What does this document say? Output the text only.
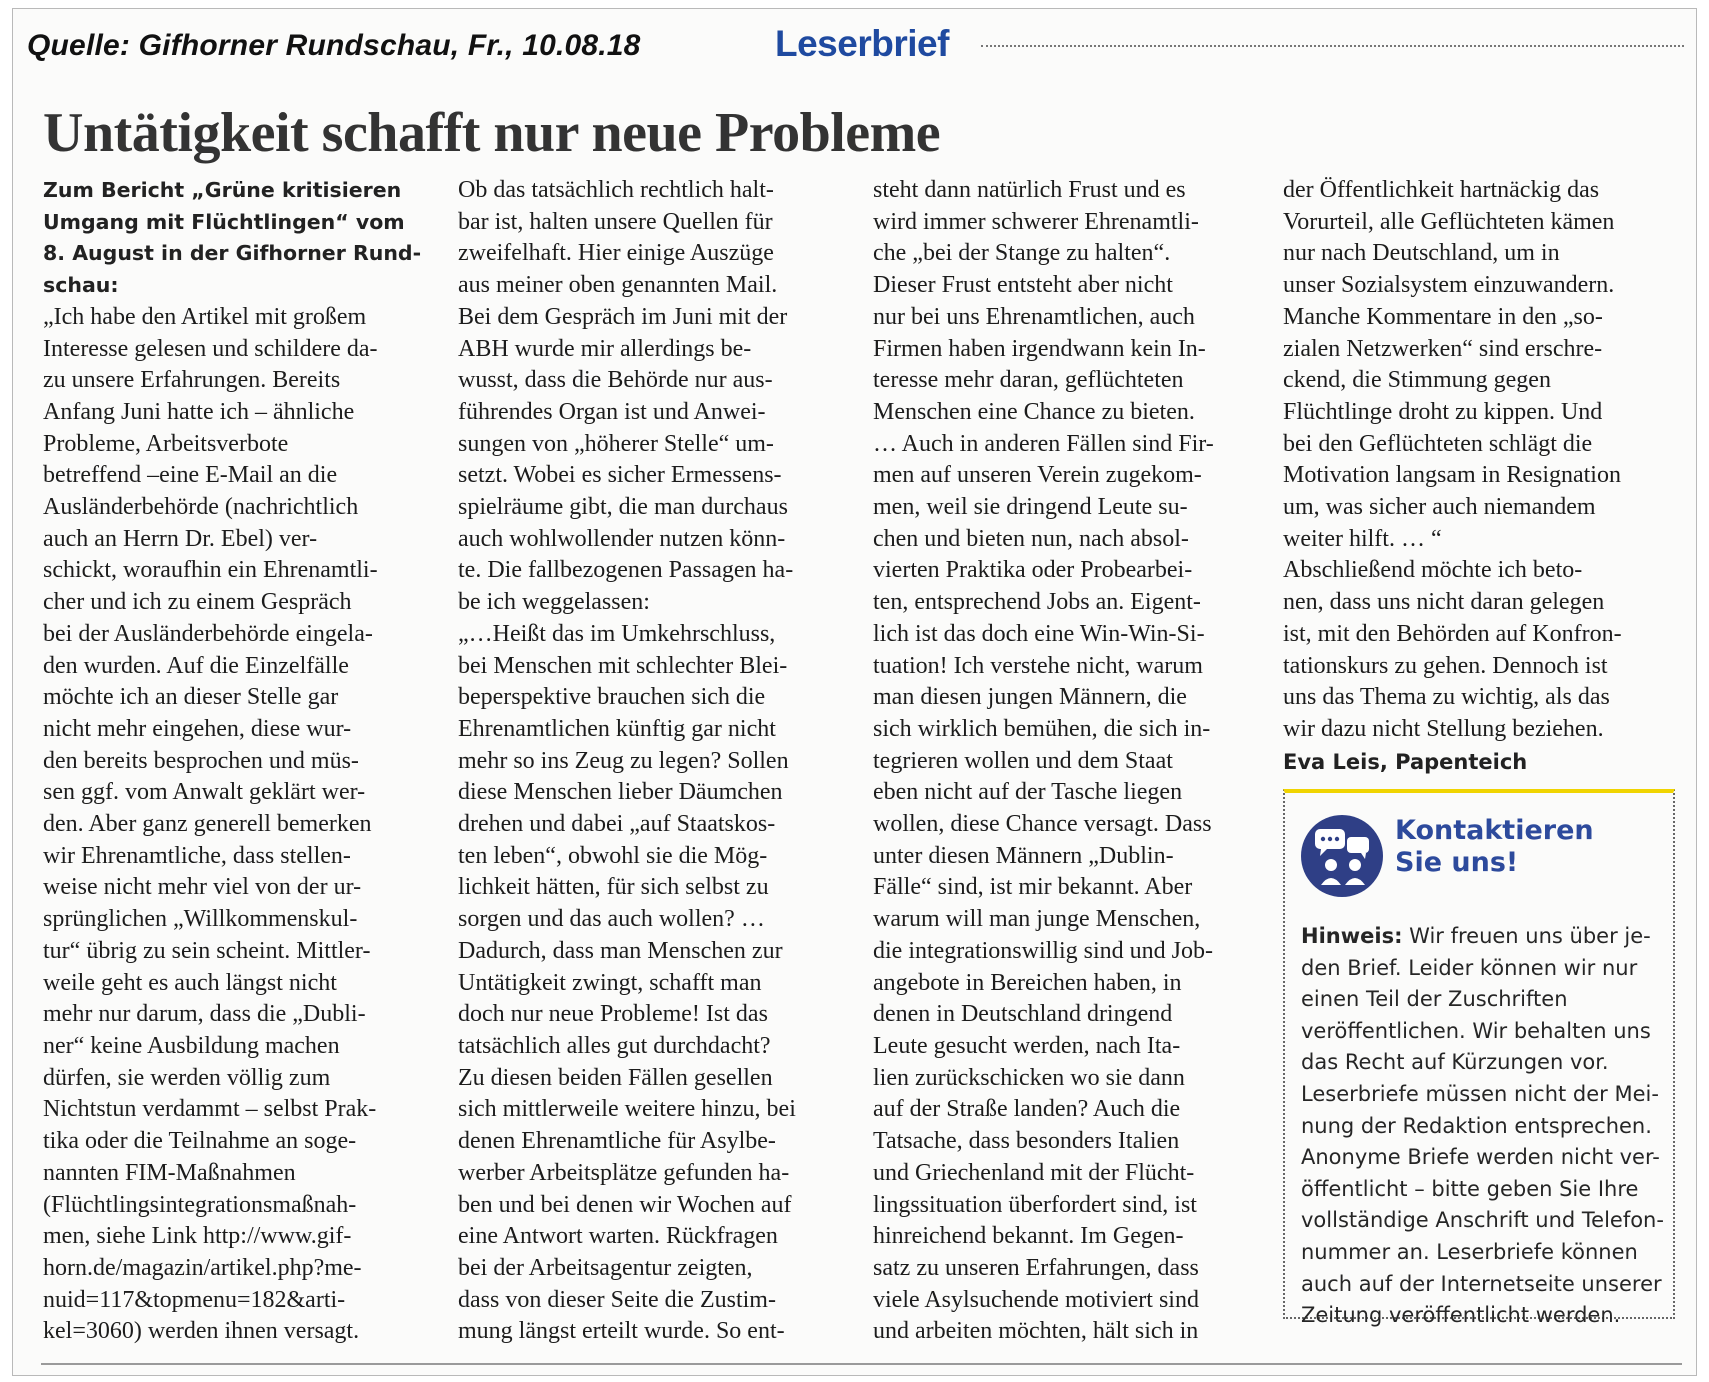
Quelle: Gifhorner Rundschau, Fr., 10.08.18	Leserbrief
Untätigkeit schafft nur neue Probleme

Zum Bericht „Grüne kritisieren
Umgang mit Flüchtlingen“ vom
8. August in der Gifhorner Rund-
schau:

„Ich habe den Artikel mit großem
Interesse gelesen und schildere da-
zu unsere Erfahrungen. Bereits
Anfang Juni hatte ich – ähnliche
Probleme, Arbeitsverbote
betreffend –eine E-Mail an die
Ausländerbehörde (nachrichtlich
auch an Herrn Dr. Ebel) ver-
schickt, woraufhin ein Ehrenamtli-
cher und ich zu einem Gespräch
bei der Ausländerbehörde eingela-
den wurden. Auf die Einzelfälle
möchte ich an dieser Stelle gar
nicht mehr eingehen, diese wur-
den bereits besprochen und müs-
sen ggf. vom Anwalt geklärt wer-
den. Aber ganz generell bemerken
wir Ehrenamtliche, dass stellen-
weise nicht mehr viel von der ur-
sprünglichen „Willkommenskul-
tur“ übrig zu sein scheint. Mittler-
weile geht es auch längst nicht
mehr nur darum, dass die „Dubli-
ner“ keine Ausbildung machen
dürfen, sie werden völlig zum
Nichtstun verdammt – selbst Prak-
tika oder die Teilnahme an soge-
nannten FIM-Maßnahmen
(Flüchtlingsintegrationsmaßnah-
men, siehe Link http://www.gif-
horn.de/magazin/artikel.php?me-
nuid=117&topmenu=182&arti-
kel=3060) werden ihnen versagt.

Ob das tatsächlich rechtlich halt-
bar ist, halten unsere Quellen für
zweifelhaft. Hier einige Auszüge
aus meiner oben genannten Mail.
Bei dem Gespräch im Juni mit der
ABH wurde mir allerdings be-
wusst, dass die Behörde nur aus-
führendes Organ ist und Anwei-
sungen von „höherer Stelle“ um-
setzt. Wobei es sicher Ermessens-
spielräume gibt, die man durchaus
auch wohlwollender nutzen könn-
te. Die fallbezogenen Passagen ha-
be ich weggelassen:
„…Heißt das im Umkehrschluss,
bei Menschen mit schlechter Blei-
beperspektive brauchen sich die
Ehrenamtlichen künftig gar nicht
mehr so ins Zeug zu legen? Sollen
diese Menschen lieber Däumchen
drehen und dabei „auf Staatskos-
ten leben“, obwohl sie die Mög-
lichkeit hätten, für sich selbst zu
sorgen und das auch wollen? …
Dadurch, dass man Menschen zur
Untätigkeit zwingt, schafft man
doch nur neue Probleme! Ist das
tatsächlich alles gut durchdacht?
Zu diesen beiden Fällen gesellen
sich mittlerweile weitere hinzu, bei
denen Ehrenamtliche für Asylbe-
werber Arbeitsplätze gefunden ha-
ben und bei denen wir Wochen auf
eine Antwort warten. Rückfragen
bei der Arbeitsagentur zeigten,
dass von dieser Seite die Zustim-
mung längst erteilt wurde. So ent-

steht dann natürlich Frust und es
wird immer schwerer Ehrenamtli-
che „bei der Stange zu halten“.
Dieser Frust entsteht aber nicht
nur bei uns Ehrenamtlichen, auch
Firmen haben irgendwann kein In-
teresse mehr daran, geflüchteten
Menschen eine Chance zu bieten.
… Auch in anderen Fällen sind Fir-
men auf unseren Verein zugekom-
men, weil sie dringend Leute su-
chen und bieten nun, nach absol-
vierten Praktika oder Probearbei-
ten, entsprechend Jobs an. Eigent-
lich ist das doch eine Win-Win-Si-
tuation! Ich verstehe nicht, warum
man diesen jungen Männern, die
sich wirklich bemühen, die sich in-
tegrieren wollen und dem Staat
eben nicht auf der Tasche liegen
wollen, diese Chance versagt. Dass
unter diesen Männern „Dublin-
Fälle“ sind, ist mir bekannt. Aber
warum will man junge Menschen,
die integrationswillig sind und Job-
angebote in Bereichen haben, in
denen in Deutschland dringend
Leute gesucht werden, nach Ita-
lien zurückschicken wo sie dann
auf der Straße landen? Auch die
Tatsache, dass besonders Italien
und Griechenland mit der Flücht-
lingssituation überfordert sind, ist
hinreichend bekannt. Im Gegen-
satz zu unseren Erfahrungen, dass
viele Asylsuchende motiviert sind
und arbeiten möchten, hält sich in

der Öffentlichkeit hartnäckig das
Vorurteil, alle Geflüchteten kämen
nur nach Deutschland, um in
unser Sozialsystem einzuwandern.
Manche Kommentare in den „so-
zialen Netzwerken“ sind erschre-
ckend, die Stimmung gegen
Flüchtlinge droht zu kippen. Und
bei den Geflüchteten schlägt die
Motivation langsam in Resignation
um, was sicher auch niemandem
weiter hilft. … “
Abschließend möchte ich beto-
nen, dass uns nicht daran gelegen
ist, mit den Behörden auf Konfron-
tationskurs zu gehen. Dennoch ist
uns das Thema zu wichtig, als das
wir dazu nicht Stellung beziehen.

Eva Leis, Papenteich

Kontaktieren
Sie uns!

Hinweis: Wir freuen uns über je-
den Brief. Leider können wir nur
einen Teil der Zuschriften
veröffentlichen. Wir behalten uns
das Recht auf Kürzungen vor.
Leserbriefe müssen nicht der Mei-
nung der Redaktion entsprechen.
Anonyme Briefe werden nicht ver-
öffentlicht – bitte geben Sie Ihre
vollständige Anschrift und Telefon-
nummer an. Leserbriefe können
auch auf der Internetseite unserer
Zeitung veröffentlicht werden.
